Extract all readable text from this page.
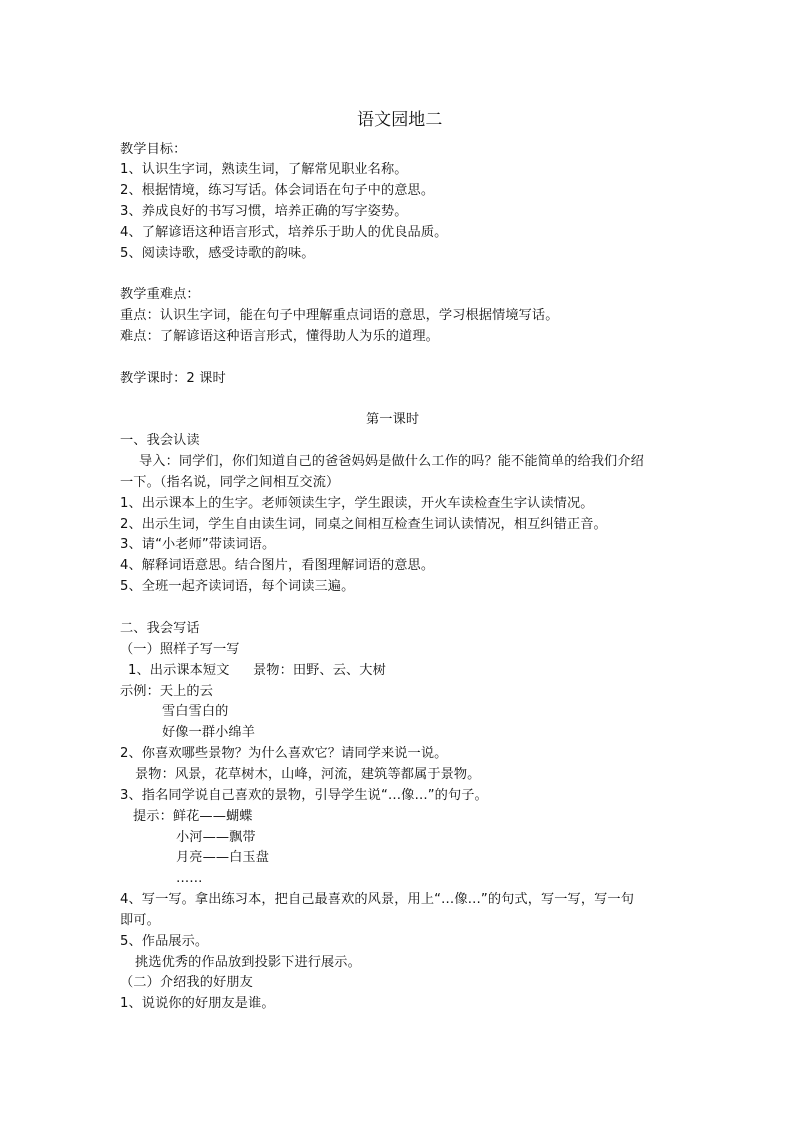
语文园地二

教学目标：

1、认识生字词，熟读生词，了解常见职业名称。

2、根据情境，练习写话。体会词语在句子中的意思。

3、养成良好的书写习惯，培养正确的写字姿势。

4、了解谚语这种语言形式，培养乐于助人的优良品质。

5、阅读诗歌，感受诗歌的韵味。

教学重难点：

重点：认识生字词，能在句子中理解重点词语的意思，学习根据情境写话。

难点：了解谚语这种语言形式，懂得助人为乐的道理。

教学课时：2 课时

第一课时

一、我会认读

导入：同学们，你们知道自己的爸爸妈妈是做什么工作的吗？能不能简单的给我们介绍

一下。（指名说，同学之间相互交流）

1、出示课本上的生字。老师领读生字，学生跟读，开火车读检查生字认读情况。

2、出示生词，学生自由读生词，同桌之间相互检查生词认读情况，相互纠错正音。

3、请“小老师”带读词语。

4、解释词语意思。结合图片，看图理解词语的意思。

5、全班一起齐读词语，每个词读三遍。

二、我会写话

（一）照样子写一写

1、出示课本短文 景物：田野、云、大树

示例：天上的云

雪白雪白的

好像一群小绵羊

2、你喜欢哪些景物？为什么喜欢它？请同学来说一说。

景物：风景，花草树木，山峰，河流，建筑等都属于景物。

3、指名同学说自己喜欢的景物，引导学生说“…像…”的句子。

提示：鲜花——蝴蝶

小河——飘带

月亮——白玉盘

……

4、写一写。拿出练习本，把自己最喜欢的风景，用上“…像…”的句式，写一写，写一句

即可。

5、作品展示。

挑选优秀的作品放到投影下进行展示。

（二）介绍我的好朋友

1、说说你的好朋友是谁。
